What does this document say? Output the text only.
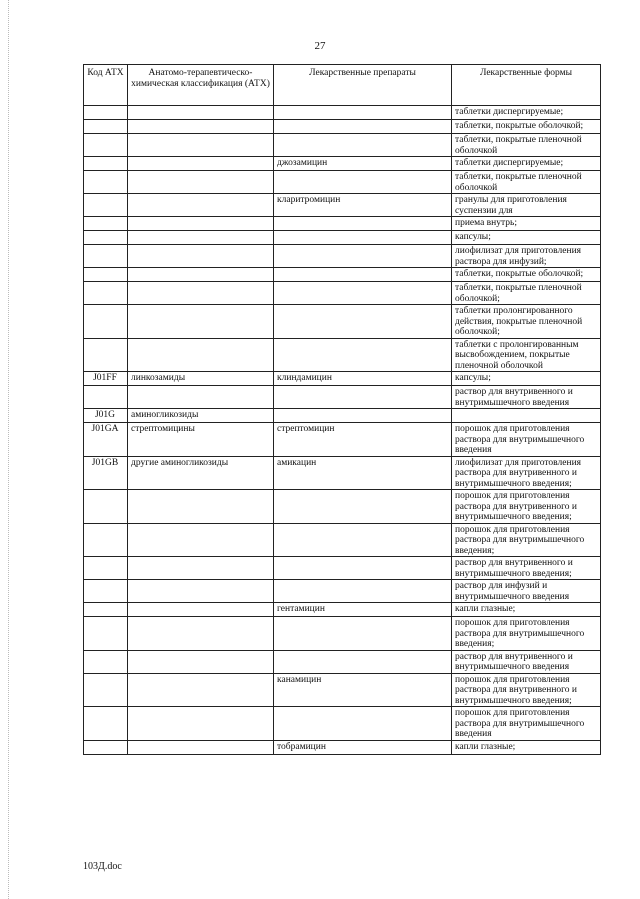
27
Код АТХ	Анатомо-терапевтическо-химическая классификация (АТХ)	Лекарственные препараты	Лекарственные формы
			таблетки диспергируемые;
			таблетки, покрытые оболочкой;
			таблетки, покрытые пленочной оболочкой
		джозамицин	таблетки диспергируемые;
			таблетки, покрытые пленочной оболочкой
		кларитромицин	гранулы для приготовления суспензии для
			приема внутрь;
			капсулы;
			лиофилизат для приготовления раствора для инфузий;
			таблетки, покрытые оболочкой;
			таблетки, покрытые пленочной оболочкой;
			таблетки пролонгированного действия, покрытые пленочной оболочкой;
			таблетки с пролонгированным высвобождением, покрытые пленочной оболочкой
J01FF	линкозамиды	клиндамицин	капсулы;
			раствор для внутривенного и внутримышечного введения
J01G	аминогликозиды		
J01GA	стрептомицины	стрептомицин	порошок для приготовления раствора для внутримышечного введения
J01GB	другие аминогликозиды	амикацин	лиофилизат для приготовления раствора для внутривенного и внутримышечного введения;
			порошок для приготовления раствора для внутривенного и внутримышечного введения;
			порошок для приготовления раствора для внутримышечного введения;
			раствор для внутривенного и внутримышечного введения;
			раствор для инфузий и внутримышечного введения
		гентамицин	капли глазные;
			порошок для приготовления раствора для внутримышечного введения;
			раствор для внутривенного и внутримышечного введения
		канамицин	порошок для приготовления раствора для внутривенного и внутримышечного введения;
			порошок для приготовления раствора для внутримышечного введения
		тобрамицин	капли глазные;
103Д.doc
